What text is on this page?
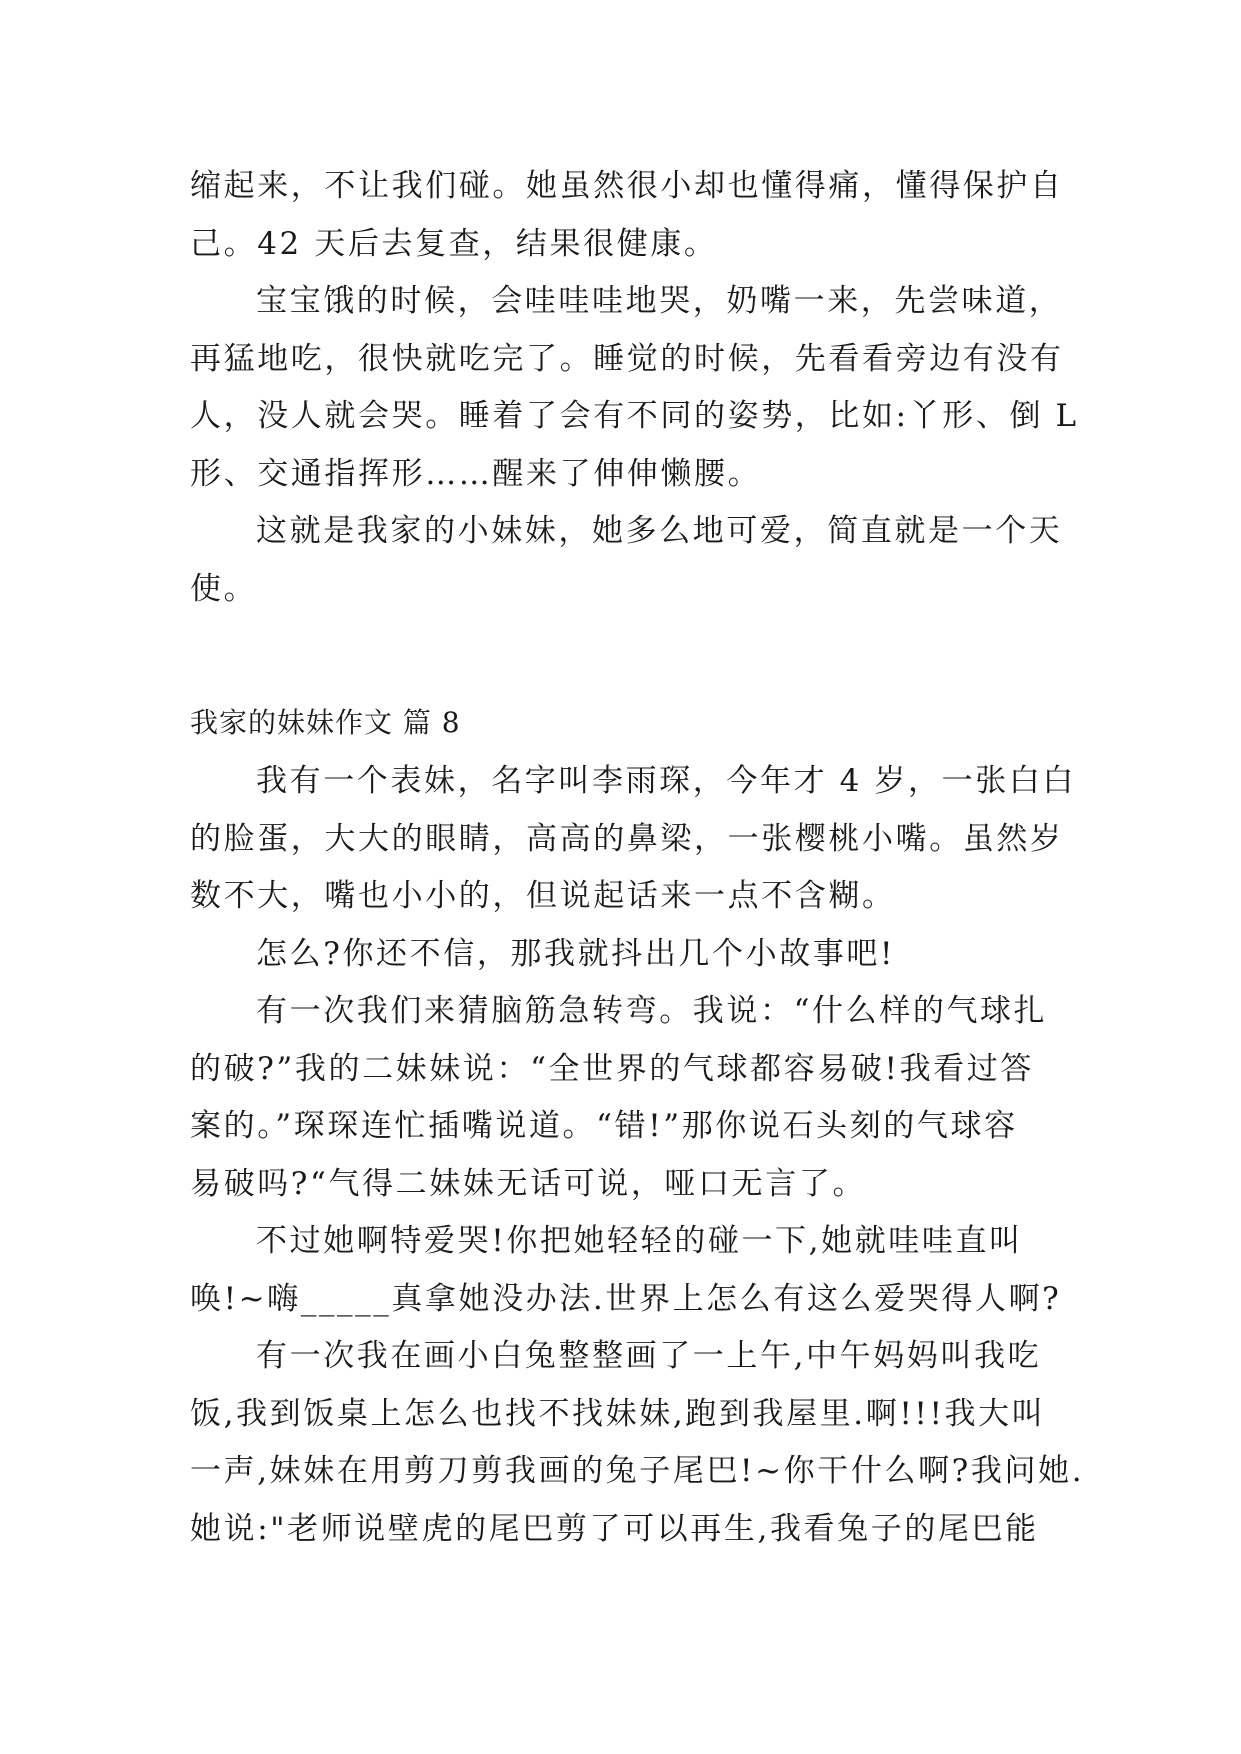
缩起来，不让我们碰。她虽然很小却也懂得痛，懂得保护自
己。42 天后去复查，结果很健康。
宝宝饿的时候，会哇哇哇地哭，奶嘴一来，先尝味道，
再猛地吃，很快就吃完了。睡觉的时候，先看看旁边有没有
人，没人就会哭。睡着了会有不同的姿势，比如:丫形、倒 L
形、交通指挥形……醒来了伸伸懒腰。
这就是我家的小妹妹，她多么地可爱，简直就是一个天
使。
我家的妹妹作文 篇 8
我有一个表妹，名字叫李雨琛，今年才 4 岁，一张白白
的脸蛋，大大的眼睛，高高的鼻梁，一张樱桃小嘴。虽然岁
数不大，嘴也小小的，但说起话来一点不含糊。
怎么?你还不信，那我就抖出几个小故事吧!
有一次我们来猜脑筋急转弯。我说：“什么样的气球扎
的破?”我的二妹妹说：“全世界的气球都容易破!我看过答
案的。”琛琛连忙插嘴说道。“错!”那你说石头刻的气球容
易破吗?“气得二妹妹无话可说，哑口无言了。
不过她啊特爱哭!你把她轻轻的碰一下,她就哇哇直叫
唤!~嗨_____真拿她没办法.世界上怎么有这么爱哭得人啊?
有一次我在画小白兔整整画了一上午,中午妈妈叫我吃
饭,我到饭桌上怎么也找不找妹妹,跑到我屋里.啊!!!我大叫
一声,妹妹在用剪刀剪我画的兔子尾巴!~你干什么啊?我问她.
她说:"老师说壁虎的尾巴剪了可以再生,我看兔子的尾巴能
